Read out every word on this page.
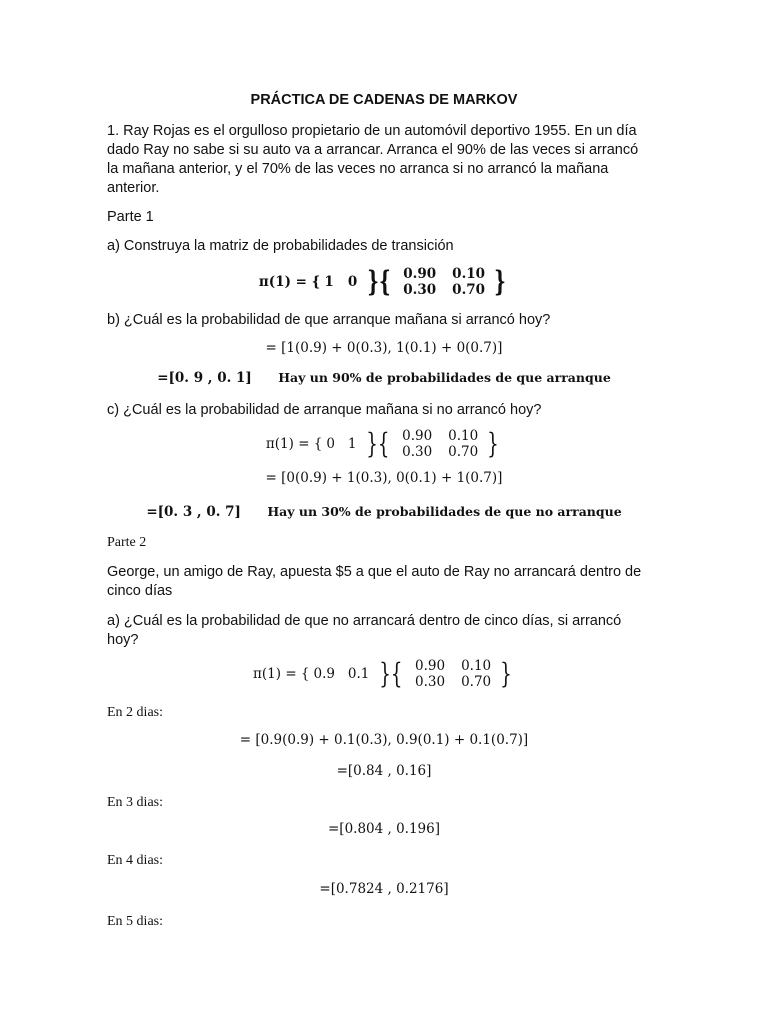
PRÁCTICA DE CADENAS DE MARKOV
1. Ray Rojas es el orgulloso propietario de un automóvil deportivo 1955. En un día
dado Ray no sabe si su auto va a arrancar. Arranca el 90% de las veces si arrancó
la mañana anterior, y el 70% de las veces no arranca si no arrancó la mañana
anterior.
Parte 1
a) Construya la matriz de probabilidades de transición
π(1) = { 1   0 }{ 0.90 0.10
0.30 0.70 }
b) ¿Cuál es la probabilidad de que arranque mañana si arrancó hoy?
= [1(0.9) + 0(0.3), 1(0.1) + 0(0.7)]
=[0. 9 , 0. 1] Hay un 90% de probabilidades de que arranque
c) ¿Cuál es la probabilidad de arranque mañana si no arrancó hoy?
π(1) = { 0   1 }{ 0.90 0.10
0.30 0.70 }
= [0(0.9) + 1(0.3), 0(0.1) + 1(0.7)]
=[0. 3 , 0. 7] Hay un 30% de probabilidades de que no arranque
Parte 2
George, un amigo de Ray, apuesta $5 a que el auto de Ray no arrancará dentro de
cinco días
a) ¿Cuál es la probabilidad de que no arrancará dentro de cinco días, si arrancó
hoy?
π(1) = { 0.9   0.1 }{ 0.90 0.10
0.30 0.70 }
En 2 dias:
= [0.9(0.9) + 0.1(0.3), 0.9(0.1) + 0.1(0.7)]
=[0.84 , 0.16]
En 3 dias:
=[0.804 , 0.196]
En 4 dias:
=[0.7824 , 0.2176]
En 5 dias:
